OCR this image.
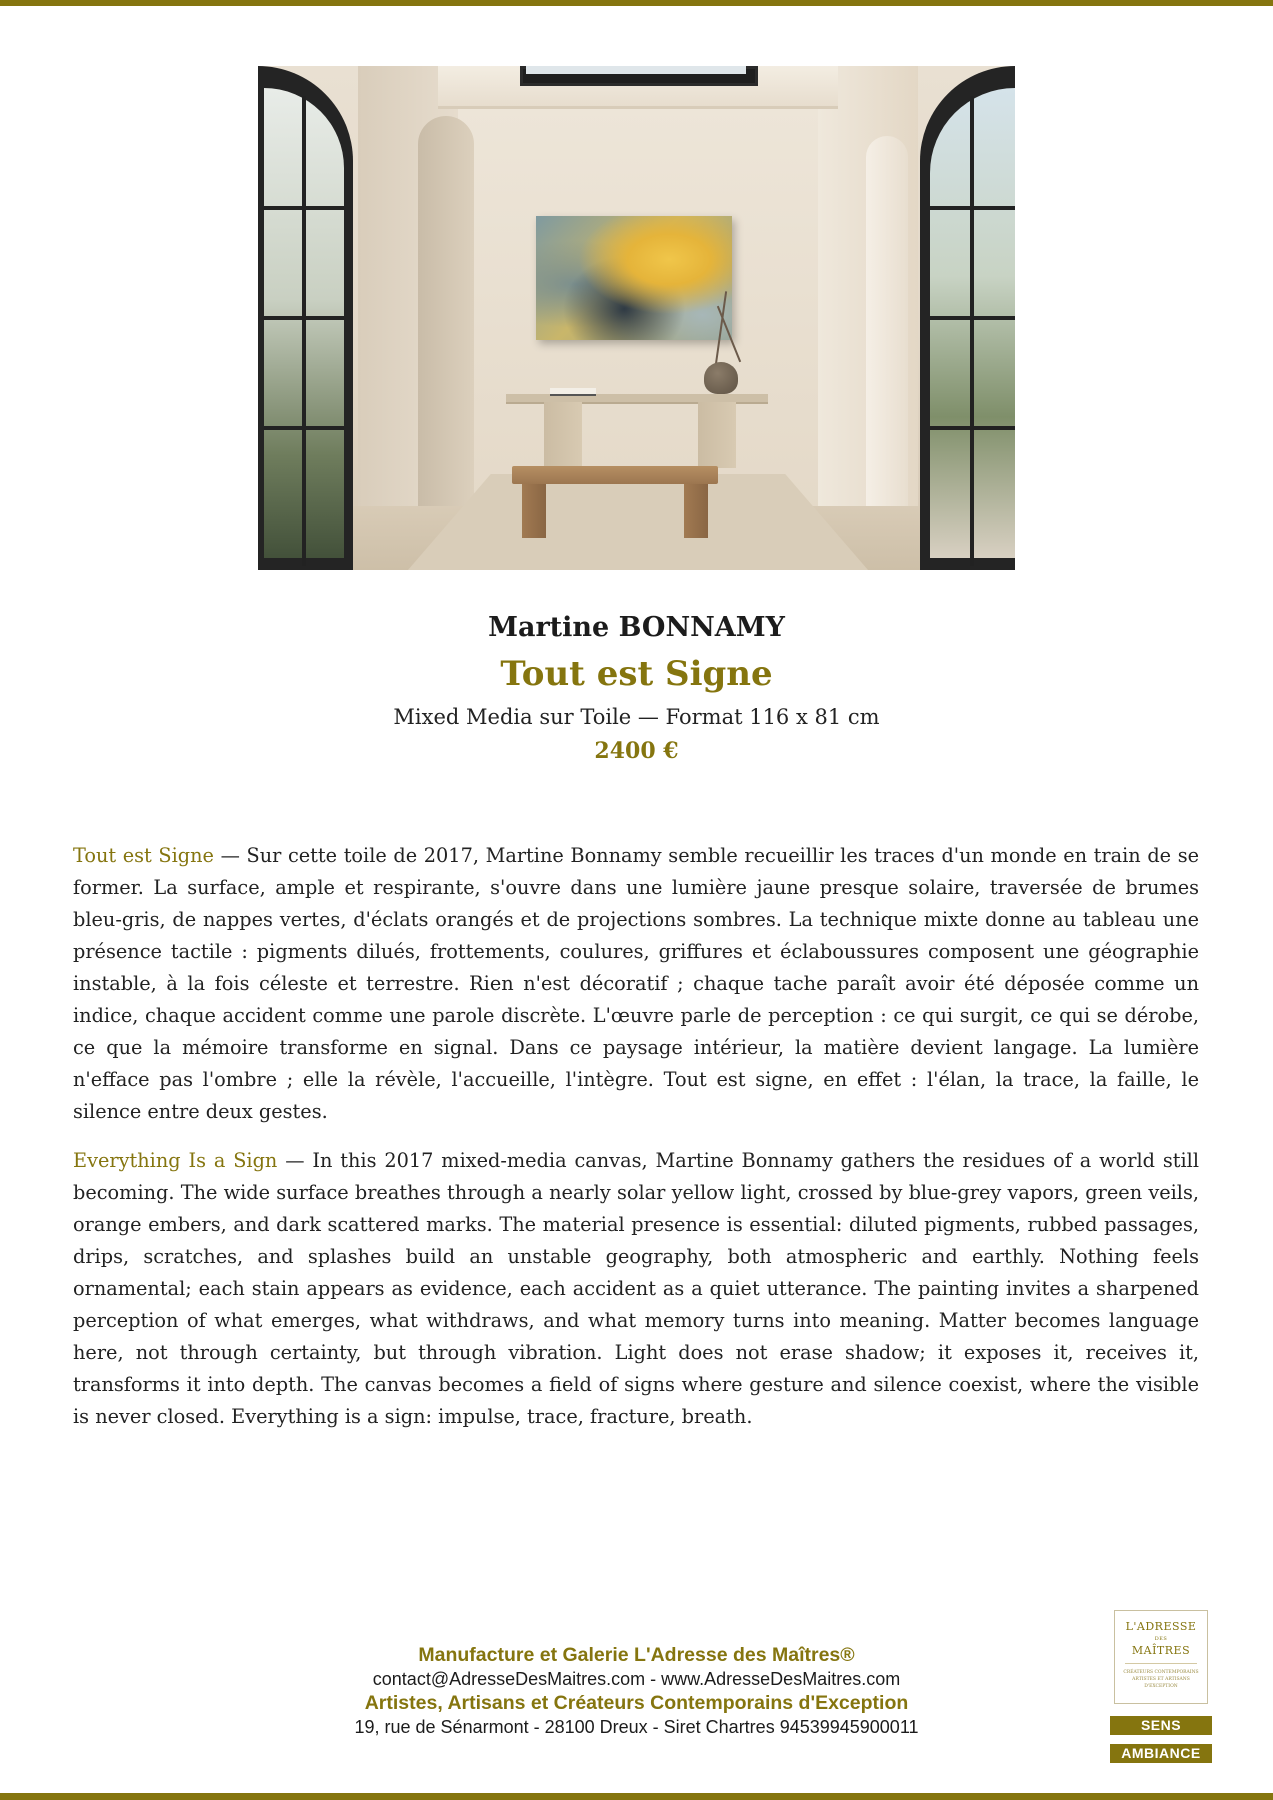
Martine BONNAMY
Tout est Signe
Mixed Media sur Toile — Format 116 x 81 cm
2400 €

Tout est Signe — Sur cette toile de 2017, Martine Bonnamy semble recueillir les traces d'un monde en train de se former. La surface, ample et respirante, s'ouvre dans une lumière jaune presque solaire, traversée de brumes bleu-gris, de nappes vertes, d'éclats orangés et de projections sombres. La technique mixte donne au tableau une présence tactile : pigments dilués, frottements, coulures, griffures et éclaboussures composent une géographie instable, à la fois céleste et terrestre. Rien n'est décoratif ; chaque tache paraît avoir été déposée comme un indice, chaque accident comme une parole discrète. L'œuvre parle de perception : ce qui surgit, ce qui se dérobe, ce que la mémoire transforme en signal. Dans ce paysage intérieur, la matière devient langage. La lumière n'efface pas l'ombre ; elle la révèle, l'accueille, l'intègre. Tout est signe, en effet : l'élan, la trace, la faille, le silence entre deux gestes.

Everything Is a Sign — In this 2017 mixed-media canvas, Martine Bonnamy gathers the residues of a world still becoming. The wide surface breathes through a nearly solar yellow light, crossed by blue-grey vapors, green veils, orange embers, and dark scattered marks. The material presence is essential: diluted pigments, rubbed passages, drips, scratches, and splashes build an unstable geography, both atmospheric and earthly. Nothing feels ornamental; each stain appears as evidence, each accident as a quiet utterance. The painting invites a sharpened perception of what emerges, what withdraws, and what memory turns into meaning. Matter becomes language here, not through certainty, but through vibration. Light does not erase shadow; it exposes it, receives it, transforms it into depth. The canvas becomes a field of signs where gesture and silence coexist, where the visible is never closed. Everything is a sign: impulse, trace, fracture, breath.

Manufacture et Galerie L'Adresse des Maîtres®
contact@AdresseDesMaitres.com - www.AdresseDesMaitres.com
Artistes, Artisans et Créateurs Contemporains d'Exception
19, rue de Sénarmont - 28100 Dreux - Siret Chartres 94539945900011
L'ADRESSE
DES
MAÎTRES
CRÉATEURS CONTEMPORAINS ARTISTES ET ARTISANS D'EXCEPTION
SENS
AMBIANCE
